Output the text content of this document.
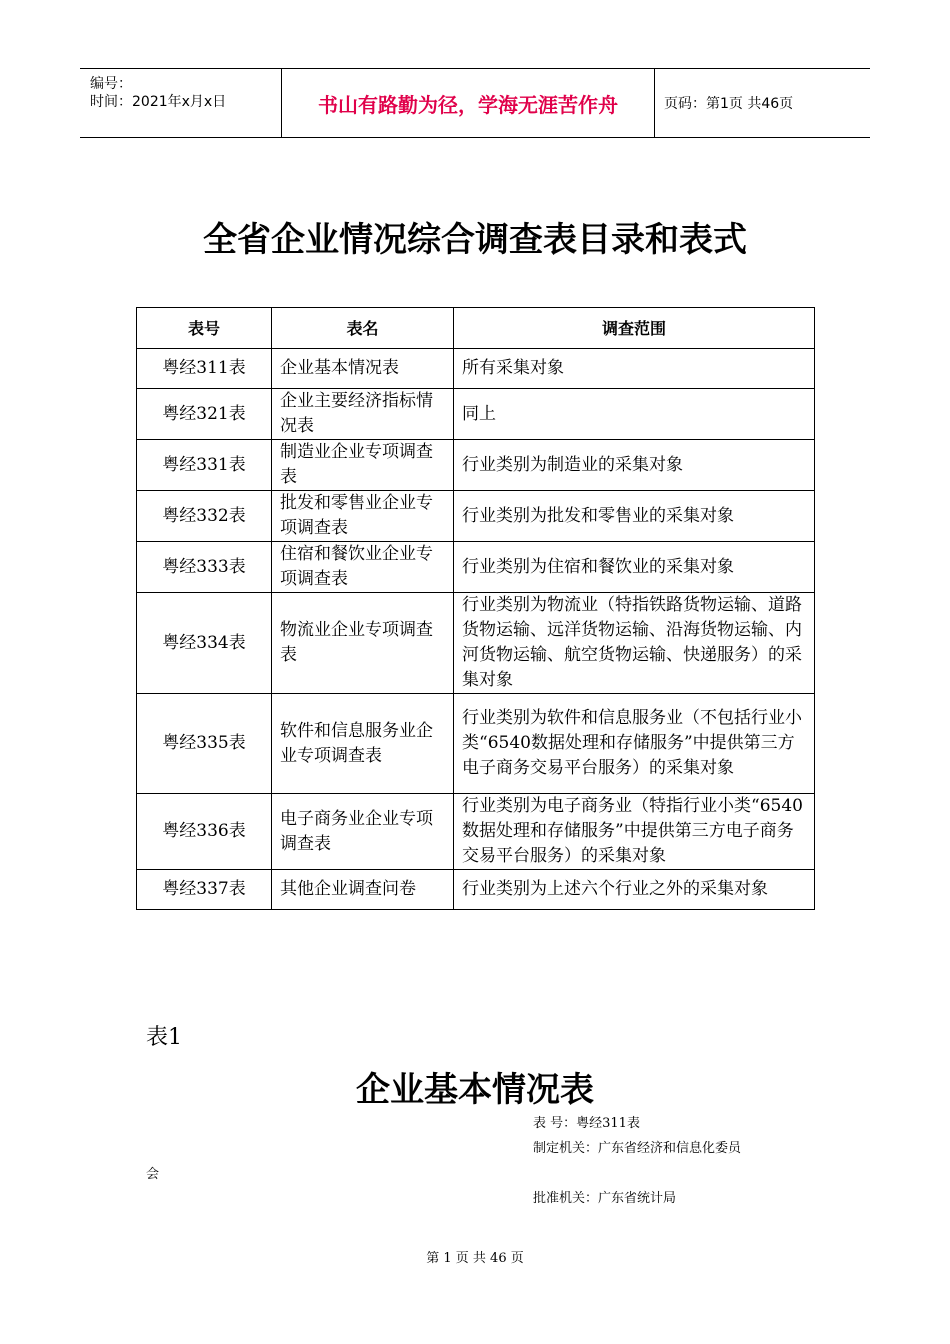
编号：
时间：2021年x月x日	书山有路勤为径，学海无涯苦作舟	页码：第1页 共46页
全省企业情况综合调查表目录和表式
表号	表名	调查范围
粤经311表	企业基本情况表	所有采集对象
粤经321表	企业主要经济指标情况表	同上
粤经331表	制造业企业专项调查表	行业类别为制造业的采集对象
粤经332表	批发和零售业企业专项调查表	行业类别为批发和零售业的采集对象
粤经333表	住宿和餐饮业企业专项调查表	行业类别为住宿和餐饮业的采集对象
粤经334表	物流业企业专项调查表	行业类别为物流业（特指铁路货物运输、道路货物运输、远洋货物运输、沿海货物运输、内河货物运输、航空货物运输、快递服务）的采集对象
粤经335表	软件和信息服务业企业专项调查表	行业类别为软件和信息服务业（不包括行业小类“6540数据处理和存储服务”中提供第三方电子商务交易平台服务）的采集对象
粤经336表	电子商务业企业专项调查表	行业类别为电子商务业（特指行业小类“6540数据处理和存储服务”中提供第三方电子商务交易平台服务）的采集对象
粤经337表	其他企业调查问卷	行业类别为上述六个行业之外的采集对象
表1
企业基本情况表
表 号：粤经311表
制定机关：广东省经济和信息化委员
会
批准机关：广东省统计局
第 1 页 共 46 页
